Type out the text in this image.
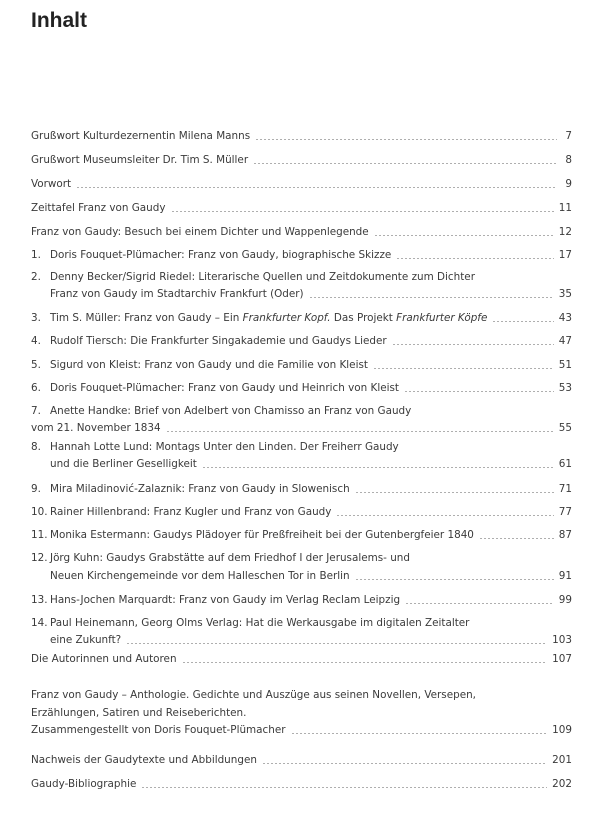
Inhalt
Grußwort Kulturdezernentin Milena Manns	7
Grußwort Museumsleiter Dr. Tim S. Müller	8
Vorwort	9
Zeittafel Franz von Gaudy	11
Franz von Gaudy: Besuch bei einem Dichter und Wappenlegende	12
1. Doris Fouquet-Plümacher: Franz von Gaudy, biographische Skizze	17
2. Denny Becker/Sigrid Riedel: Literarische Quellen und Zeitdokumente zum Dichter
Franz von Gaudy im Stadtarchiv Frankfurt (Oder)	35
3. Tim S. Müller: Franz von Gaudy – Ein Frankfurter Kopf. Das Projekt Frankfurter Köpfe	43
4. Rudolf Tiersch: Die Frankfurter Singakademie und Gaudys Lieder	47
5. Sigurd von Kleist: Franz von Gaudy und die Familie von Kleist	51
6. Doris Fouquet-Plümacher: Franz von Gaudy und Heinrich von Kleist	53
7. Anette Handke: Brief von Adelbert von Chamisso an Franz von Gaudy
vom 21. November 1834	55
8. Hannah Lotte Lund: Montags Unter den Linden. Der Freiherr Gaudy
und die Berliner Geselligkeit	61
9. Mira Miladinović-Zalaznik: Franz von Gaudy in Slowenisch	71
10. Rainer Hillenbrand: Franz Kugler und Franz von Gaudy	77
11. Monika Estermann: Gaudys Plädoyer für Preßfreiheit bei der Gutenbergfeier 1840	87
12. Jörg Kuhn: Gaudys Grabstätte auf dem Friedhof I der Jerusalems- und
Neuen Kirchengemeinde vor dem Halleschen Tor in Berlin	91
13. Hans-Jochen Marquardt: Franz von Gaudy im Verlag Reclam Leipzig	99
14. Paul Heinemann, Georg Olms Verlag: Hat die Werkausgabe im digitalen Zeitalter
eine Zukunft?	103
Die Autorinnen und Autoren	107
Franz von Gaudy – Anthologie. Gedichte und Auszüge aus seinen Novellen, Versepen,
Erzählungen, Satiren und Reiseberichten.
Zusammengestellt von Doris Fouquet-Plümacher	109
Nachweis der Gaudytexte und Abbildungen	201
Gaudy-Bibliographie	202
